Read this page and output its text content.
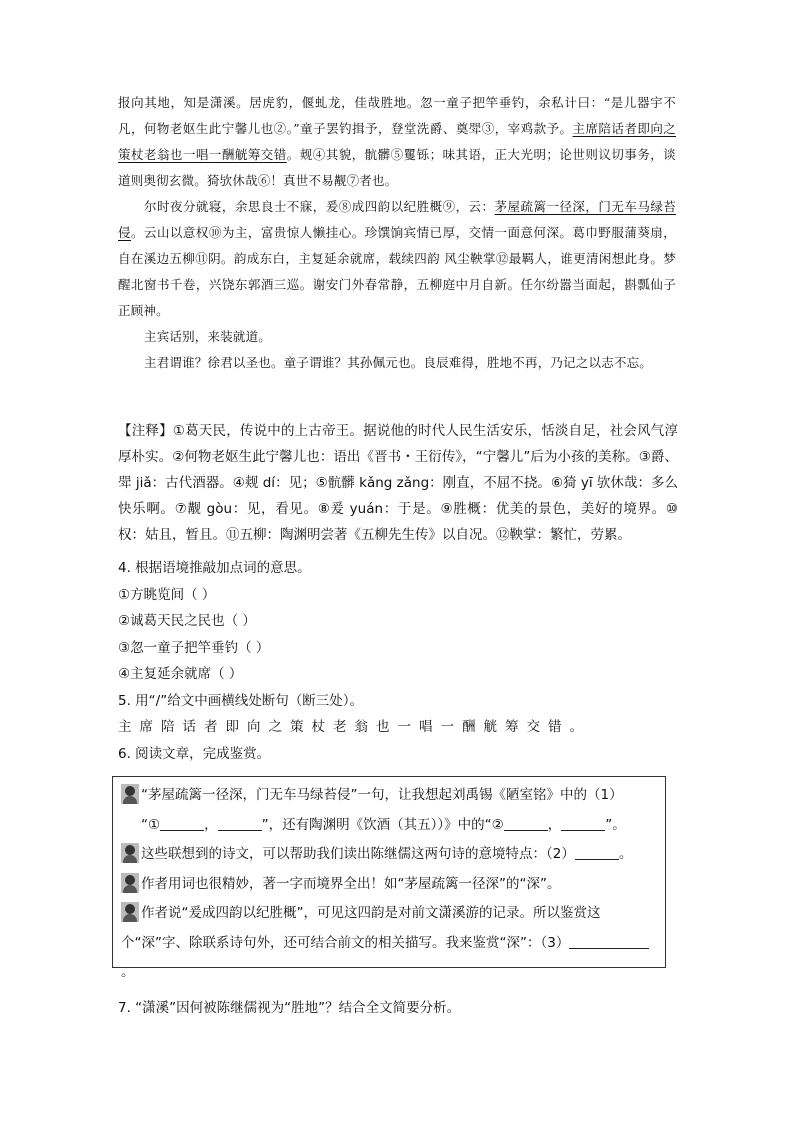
报向其地，知是潇溪。居虎豹，偃虬龙，佳哉胜地。忽一童子把竿垂钓，余私计曰：“是儿器宇不凡，何物老妪生此宁馨儿也②。”童子罢钓揖予，登堂洗爵、奠斝③，宰鸡款予。主席陪话者即向之策杖老翁也一唱一酬觥筹交错。觌④其貌，骯髒⑤矍铄；味其语，正大光明；论世则议切事务，谈道则奥彻玄微。猗欤休哉⑥！真世不易觏⑦者也。

尔时夜分就寝，余思良士不寐，爰⑧成四韵以纪胜概⑨，云：茅屋疏篱一径深，门无车马绿苔侵。云山以意权⑩为主，富贵惊人懒挂心。珍馔饷宾情已厚，交情一面意何深。葛巾野服蒲葵扇，自在溪边五柳⑪阴。韵成东白，主复延余就席，载续四韵 风尘鞅掌⑫最羁人，谁更清闲想此身。梦醒北窗书千卷，兴饶东郭酒三巡。谢安门外春常静，五柳庭中月自新。任尔纷嚣当面起，斟瓢仙子正顾神。

主宾话别，来装就道。

主君谓谁？徐君以圣也。童子谓谁？其孙佩元也。良辰难得，胜地不再，乃记之以志不忘。

【注释】①葛天民，传说中的上古帝王。据说他的时代人民生活安乐，恬淡自足，社会风气淳厚朴实。②何物老妪生此宁馨儿也：语出《晋书・王衍传》，“宁馨儿”后为小孩的美称。③爵、斝 jiǎ：古代酒器。④觌 dí：见；⑤骯髒 kǎng zǎng：刚直，不屈不挠。⑥猗 yī 欤休哉：多么快乐啊。⑦觏 gòu：见，看见。⑧爰 yuán：于是。⑨胜概：优美的景色，美好的境界。⑩权：姑且，暂且。⑪五柳：陶渊明尝著《五柳先生传》以自况。⑫鞅掌：繁忙，劳累。

4. 根据语境推敲加点词的意思。
①方眺览间（ ）
②诚葛天民之民也（ ）
③忽一童子把竿垂钓（ ）
④主复延余就席（ ）
5. 用“/”给文中画横线处断句（断三处）。
主席陪话者即向之策杖老翁也一唱一酬觥筹交错。
6. 阅读文章，完成鉴赏。
“茅屋疏篱一径深，门无车马绿苔侵”一句，让我想起刘禹锡《陋室铭》中的（1）
“①	，	”，还有陶渊明《饮酒（其五））》中的“②	，	”。
这些联想到的诗文，可以帮助我们读出陈继儒这两句诗的意境特点：（2）	。
作者用词也很精妙，著一字而境界全出！如“茅屋疏篱一径深”的“深”。
作者说“爰成四韵以纪胜概”，可见这四韵是对前文潇溪游的记录。所以鉴赏这个“深”字、除联系诗句外，还可结合前文的相关描写。我来鉴赏“深”：（3）。
7. “潇溪”因何被陈继儒视为“胜地”？结合全文简要分析。
